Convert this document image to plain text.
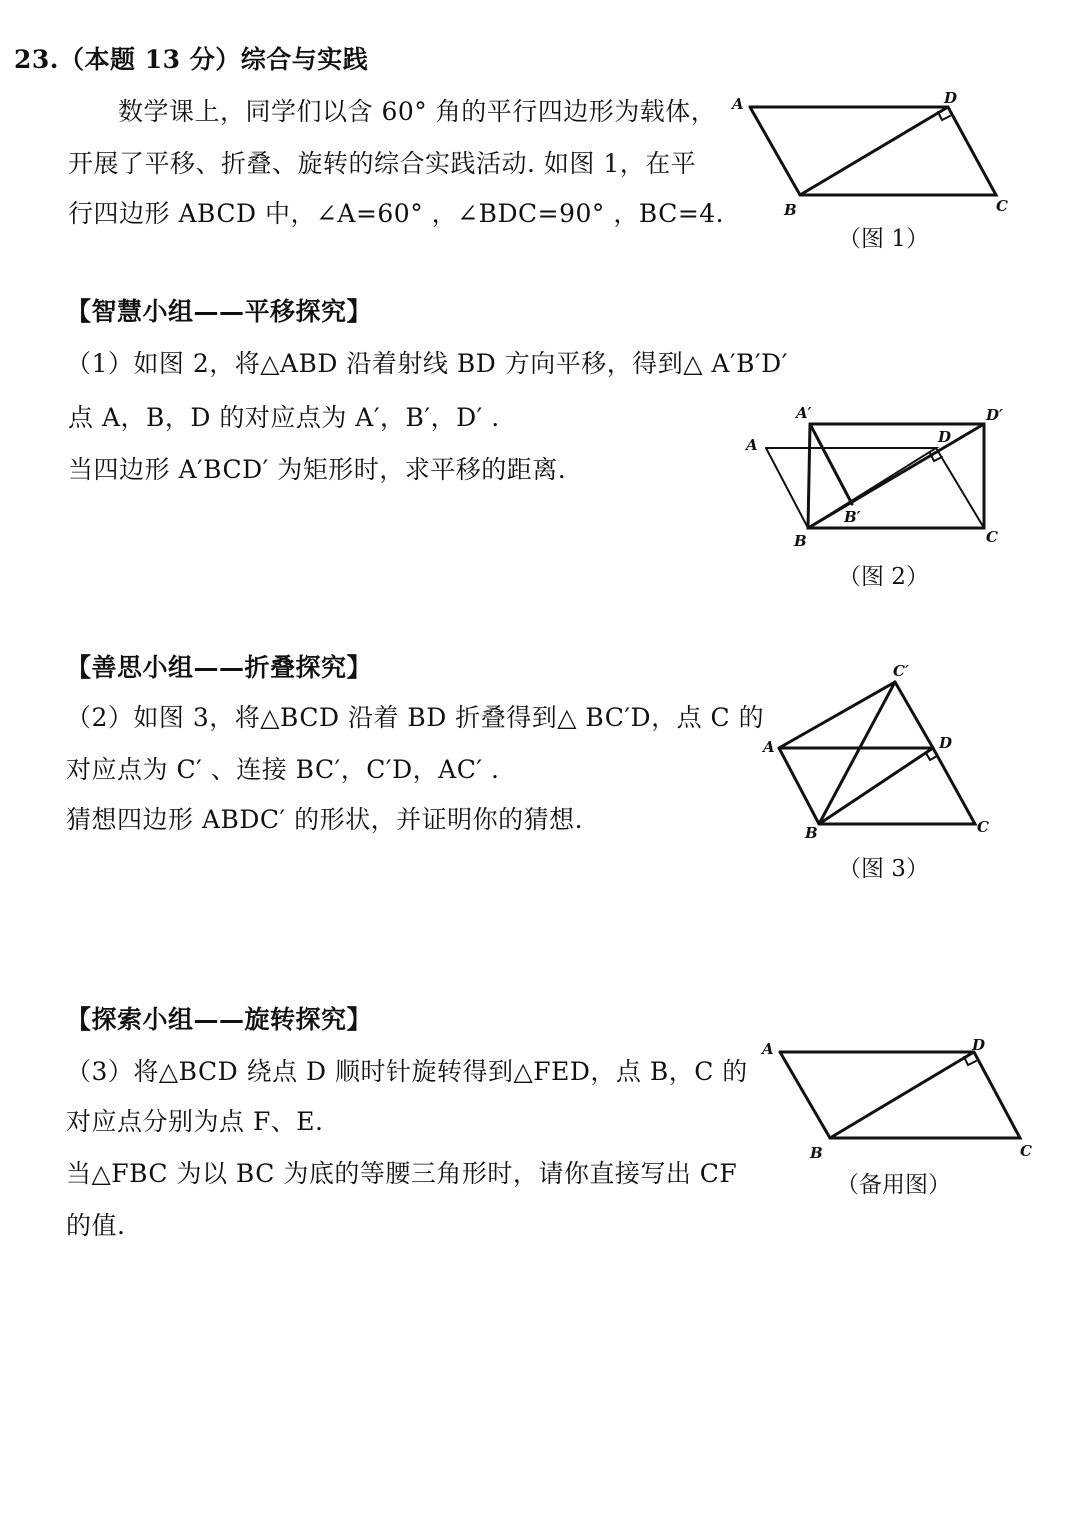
23.（本题 13 分）综合与实践
数学课上，同学们以含 60° 角的平行四边形为载体，
开展了平移、折叠、旋转的综合实践活动. 如图 1，在平
行四边形 ABCD 中，∠A=60° ，∠BDC=90° ，BC=4.
A	D
B	C
（图 1）
【智慧小组——平移探究】
（1）如图 2，将△ABD 沿着射线 BD 方向平移，得到△ A′B′D′
点 A，B，D 的对应点为 A′，B′，D′ .
当四边形 A′BCD′ 为矩形时，求平移的距离.
A′	D′
A	D
B′
B	C
（图 2）
【善思小组——折叠探究】
（2）如图 3，将△BCD 沿着 BD 折叠得到△ BC′D，点 C 的
对应点为 C′ 、连接 BC′，C′D，AC′ .
猜想四边形 ABDC′ 的形状，并证明你的猜想.
C′
A	D
B	C
（图 3）
【探索小组——旋转探究】
（3）将△BCD 绕点 D 顺时针旋转得到△FED，点 B，C 的
对应点分别为点 F、E.
当△FBC 为以 BC 为底的等腰三角形时，请你直接写出 CF
的值.
A	D
B	C
（备用图）
